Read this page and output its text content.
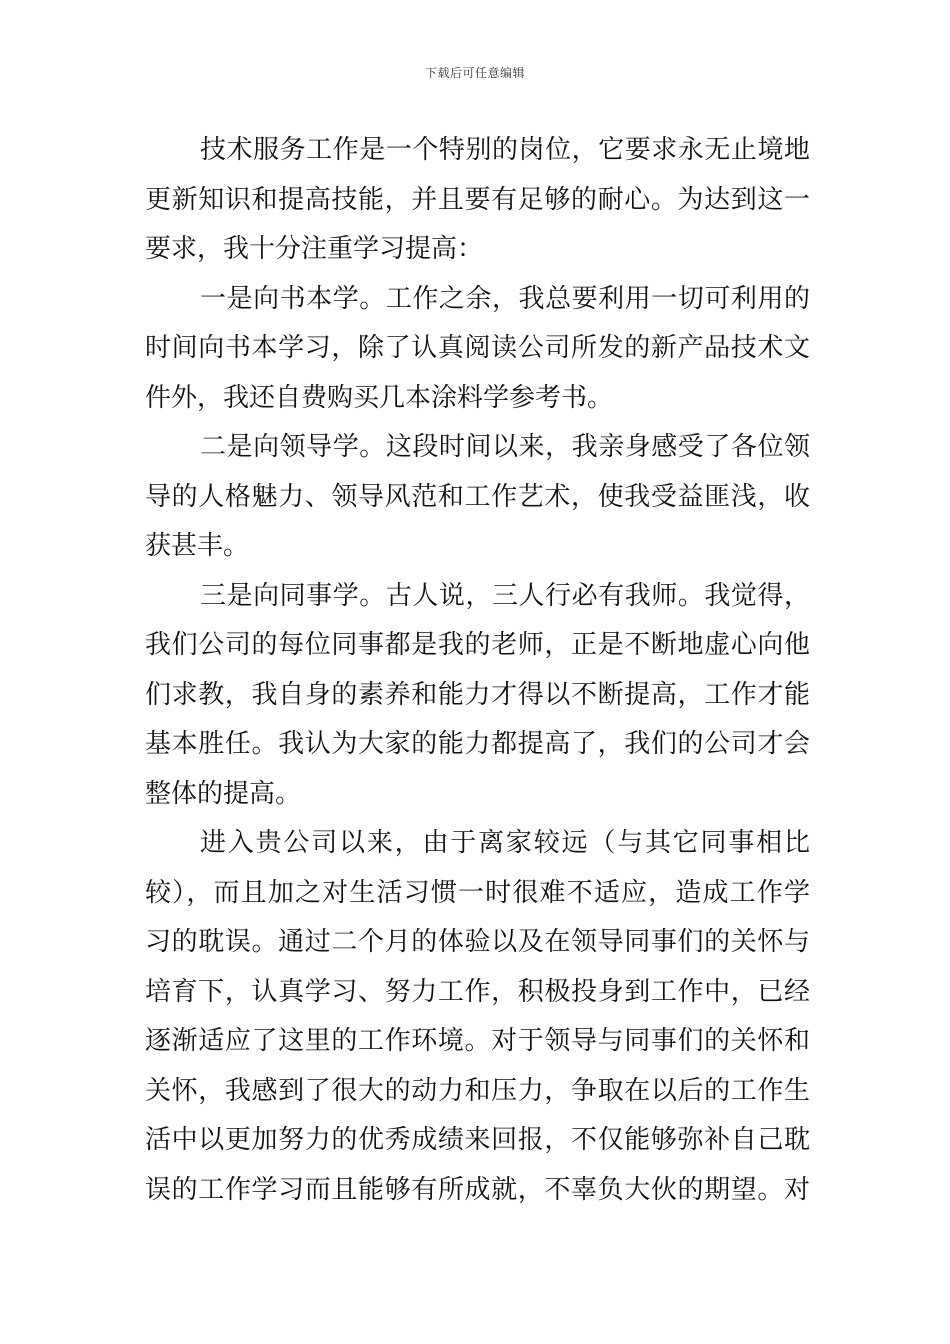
下载后可任意编辑
技术服务工作是一个特别的岗位，它要求永无止境地
更新知识和提高技能，并且要有足够的耐心。为达到这一
要求，我十分注重学习提高：
一是向书本学。工作之余，我总要利用一切可利用的
时间向书本学习，除了认真阅读公司所发的新产品技术文
件外，我还自费购买几本涂料学参考书。
二是向领导学。这段时间以来，我亲身感受了各位领
导的人格魅力、领导风范和工作艺术，使我受益匪浅，收
获甚丰。
三是向同事学。古人说，三人行必有我师。我觉得，
我们公司的每位同事都是我的老师，正是不断地虚心向他
们求教，我自身的素养和能力才得以不断提高，工作才能
基本胜任。我认为大家的能力都提高了，我们的公司才会
整体的提高。
进入贵公司以来，由于离家较远（与其它同事相比
较），而且加之对生活习惯一时很难不适应，造成工作学
习的耽误。通过二个月的体验以及在领导同事们的关怀与
培育下，认真学习、努力工作，积极投身到工作中，已经
逐渐适应了这里的工作环境。对于领导与同事们的关怀和
关怀，我感到了很大的动力和压力，争取在以后的工作生
活中以更加努力的优秀成绩来回报，不仅能够弥补自己耽
误的工作学习而且能够有所成就，不辜负大伙的期望。对
